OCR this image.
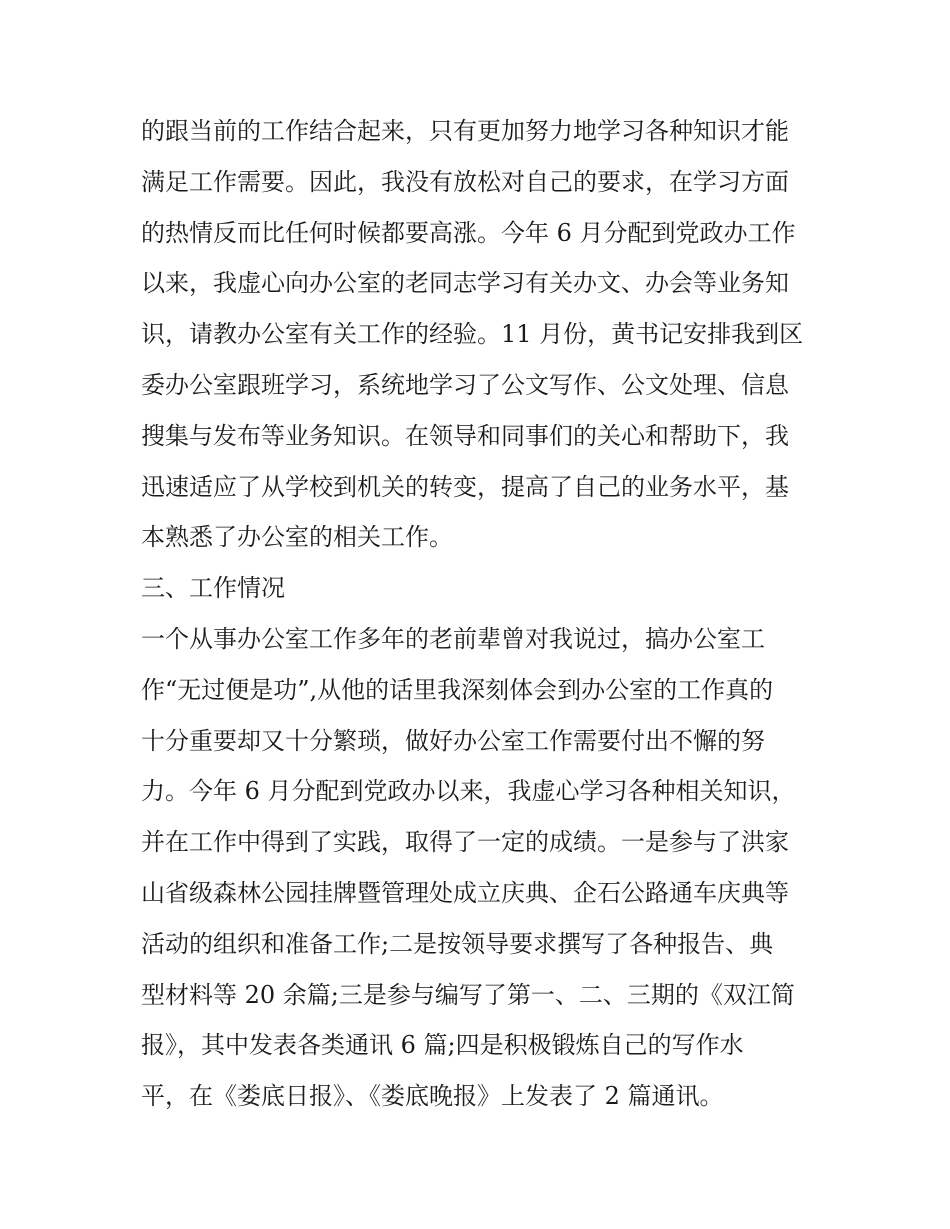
的跟当前的工作结合起来，只有更加努力地学习各种知识才能
满足工作需要。因此，我没有放松对自己的要求，在学习方面
的热情反而比任何时候都要高涨。今年 6 月分配到党政办工作
以来，我虚心向办公室的老同志学习有关办文、办会等业务知
识，请教办公室有关工作的经验。11 月份，黄书记安排我到区
委办公室跟班学习，系统地学习了公文写作、公文处理、信息
搜集与发布等业务知识。在领导和同事们的关心和帮助下，我
迅速适应了从学校到机关的转变，提高了自己的业务水平，基
本熟悉了办公室的相关工作。
三、工作情况
一个从事办公室工作多年的老前辈曾对我说过，搞办公室工
作“无过便是功”,从他的话里我深刻体会到办公室的工作真的
十分重要却又十分繁琐，做好办公室工作需要付出不懈的努
力。今年 6 月分配到党政办以来，我虚心学习各种相关知识，
并在工作中得到了实践，取得了一定的成绩。一是参与了洪家
山省级森林公园挂牌暨管理处成立庆典、企石公路通车庆典等
活动的组织和准备工作;二是按领导要求撰写了各种报告、典
型材料等 20 余篇;三是参与编写了第一、二、三期的《双江简
报》，其中发表各类通讯 6 篇;四是积极锻炼自己的写作水
平，在《娄底日报》、《娄底晚报》上发表了 2 篇通讯。
